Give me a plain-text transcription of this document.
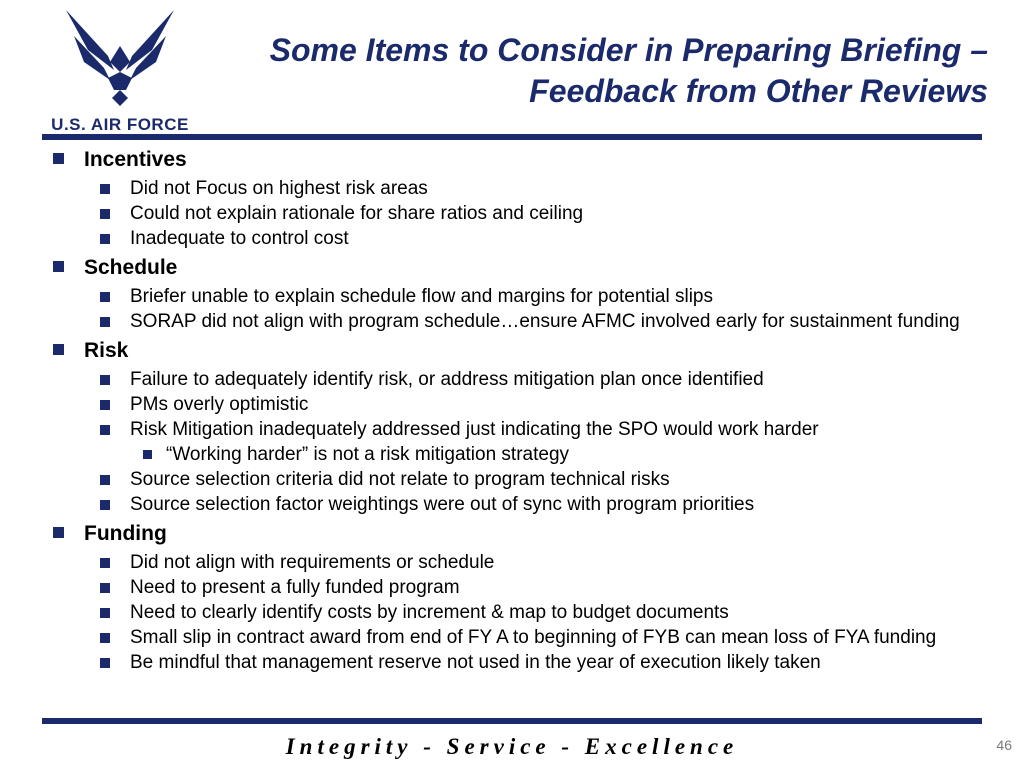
U.S. AIR FORCE
Some Items to Consider in Preparing Briefing –
Feedback from Other Reviews
Incentives
Did not Focus on highest risk areas
Could not explain rationale for share ratios and ceiling
Inadequate to control cost
Schedule
Briefer unable to explain schedule flow and margins for potential slips
SORAP did not align with program schedule…ensure AFMC involved early for sustainment funding
Risk
Failure to adequately identify risk, or address mitigation plan once identified
PMs overly optimistic
Risk Mitigation inadequately addressed just indicating the SPO would work harder
“Working harder” is not a risk mitigation strategy
Source selection criteria did not relate to program technical risks
Source selection factor weightings were out of sync with program priorities
Funding
Did not align with requirements or schedule
Need to present a fully funded program
Need to clearly identify costs by increment & map to budget documents
Small slip in contract award from end of FY A to beginning of FYB can mean loss of FYA funding
Be mindful that management reserve not used in the year of execution likely taken
Integrity - Service - Excellence	46
